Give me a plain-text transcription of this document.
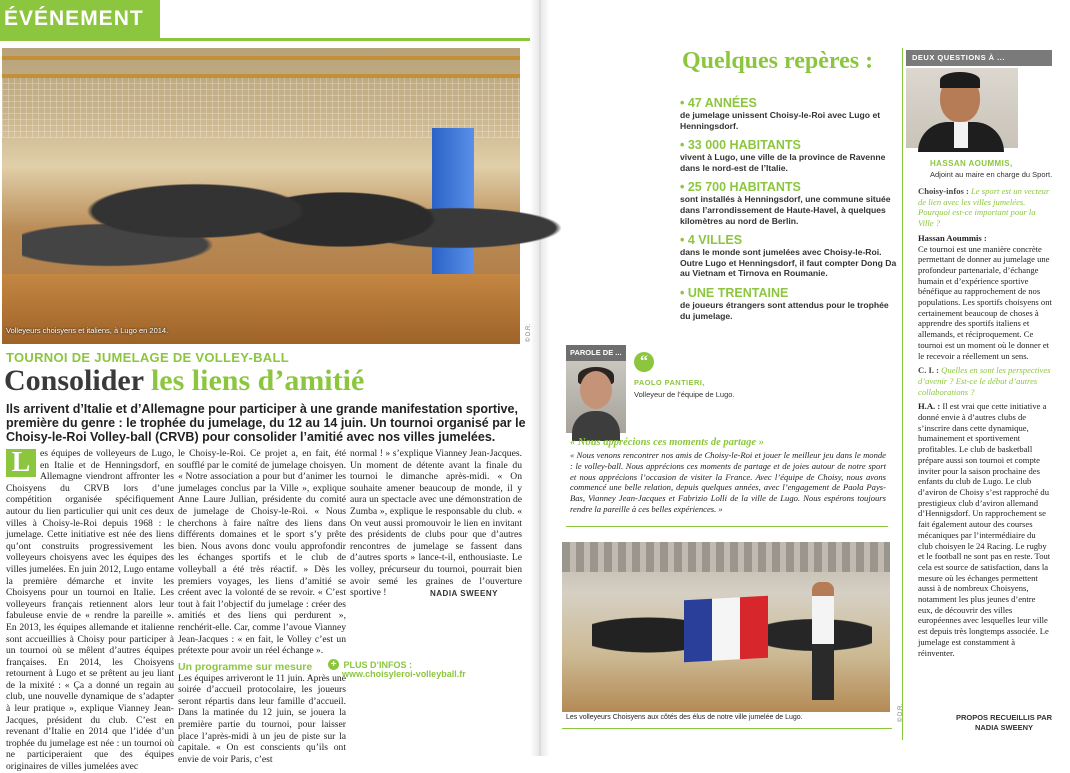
ÉVÉNEMENT
Volleyeurs choisyens et italiens, à Lugo en 2014.	© D.R.
TOURNOI DE JUMELAGE DE VOLLEY-BALL
Consolider les liens d’amitié
Ils arrivent d’Italie et d’Allemagne pour participer à une grande manifestation sportive, première du genre : le trophée du jumelage, du 12 au 14 juin. Un tournoi organisé par le Choisy-le-Roi Volley-ball (CRVB) pour consolider l’amitié avec nos villes jumelées.
L	es équipes de volleyeurs de Lugo, en Italie et de Henningsdorf, en Allemagne viendront affronter les Choisyens du CRVB lors d’une compétition organisée spécifiquement autour du lien particulier qui unit ces deux villes à Choisy-le-Roi depuis 1968 : le jumelage. Cette initiative est née des liens qu’ont construits progressivement les volleyeurs choisyens avec les équipes des villes jumelées. En juin 2012, Lugo entame la première démarche et invite les Choisyens pour un tournoi en Italie. Les volleyeurs français retiennent alors leur fabuleuse envie de « rendre la pareille ». En 2013, les équipes allemande et italienne sont accueillies à Choisy pour participer à un tournoi où se mêlent d’autres équipes françaises. En 2014, les Choisyens retournent à Lugo et se prêtent au jeu liant de la mixité : « Ça a donné un regain au club, une nouvelle dynamique de s’adapter à leur pratique », explique Vianney Jean-Jacques, président du club. C’est en revenant d’Italie en 2014 que l’idée d’un trophée du jumelage est née : un tournoi où ne participeraient que des équipes originaires de villes jumelées avec
le Choisy-le-Roi. Ce projet a, en fait, été soufflé par le comité de jumelage choisyen. « Notre association a pour but d’animer les jumelages conclus par la Ville », explique Anne Laure Jullian, présidente du comité de jumelage de Choisy-le-Roi. « Nous cherchons à faire naître des liens dans différents domaines et le sport s’y prête bien. Nous avons donc voulu approfondir les échanges sportifs et le club de volleyball a été très réactif. » Dès les premiers voyages, les liens d’amitié se créent avec la volonté de se revoir. « C’est tout à fait l’objectif du jumelage : créer des amitiés et des liens qui perdurent », renchérit-elle. Car, comme l’avoue Vianney Jean-Jacques : « en fait, le Volley c’est un prétexte pour avoir un réel échange ».
Un programme sur mesure
Les équipes arriveront le 11 juin. Après une soirée d’accueil protocolaire, les joueurs seront répartis dans leur famille d’accueil. Dans la matinée du 12 juin, se jouera la première partie du tournoi, pour laisser place l’après-midi à un jeu de piste sur la capitale. « On est conscients qu’ils ont envie de voir Paris, c’est
normal ! » s’explique Vianney Jean-Jacques. Un moment de détente avant la finale du tournoi le dimanche après-midi. « On souhaite amener beaucoup de monde, il y aura un spectacle avec une démonstration de Zumba », explique le responsable du club. « On veut aussi promouvoir le lien en invitant des présidents de clubs pour que d’autres rencontres de jumelage se fassent dans d’autres sports » lance-t-il, enthousiaste. Le volley, précurseur du tournoi, pourrait bien avoir semé les graines de l’ouverture sportive !	NADIA SWEENY
+ PLUS D’INFOS :
www.choisyleroi-volleyball.fr
Quelques repères :
• 47 ANNÉES
de jumelage unissent Choisy-le-Roi avec Lugo et Henningsdorf.
• 33 000 HABITANTS
vivent à Lugo, une ville de la province de Ravenne dans le nord-est de l’Italie.
• 25 700 HABITANTS
sont installés à Henningsdorf, une commune située dans l’arrondissement de Haute-Havel, à quelques kilomètres au nord de Berlin.
• 4 VILLES
dans le monde sont jumelées avec Choisy-le-Roi. Outre Lugo et Henningsdorf, il faut compter Dong Da au Vietnam et Tirnova en Roumanie.
• UNE TRENTAINE
de joueurs étrangers sont attendus pour le trophée du jumelage.
DEUX QUESTIONS À ...
HASSAN AOUMMIS,
Adjoint au maire en charge du Sport.

Choisy-infos : Le sport est un vecteur de lien avec les villes jumelées. Pourquoi est-ce important pour la Ville ?

Hassan Aoummis :
Ce tournoi est une manière concrète permettant de donner au jumelage une profondeur partenariale, d’échange humain et d’expérience sportive bénéfique au rapprochement de nos populations. Les sportifs choisyens ont certainement beaucoup de choses à apprendre des sportifs italiens et allemands, et réciproquement. Ce tournoi est un moment où le donner et le recevoir a réellement un sens.

C. I. : Quelles en sont les perspectives d’avenir ? Est-ce le début d’autres collaborations ?

H.A. : Il est vrai que cette initiative a donné envie à d’autres clubs de s’inscrire dans cette dynamique, humainement et sportivement profitables. Le club de basketball prépare aussi son tournoi et compte inviter pour la saison prochaine des enfants du club de Lugo. Le club d’aviron de Choisy s’est rapproché du prestigieux club d’aviron allemand d’Hennigsdorf. Un rapprochement se fait également autour des courses mécaniques par l’intermédiaire du club choisyen le 24 Racing. Le rugby et le football ne sont pas en reste. Tout cela est source de satisfaction, dans la mesure où les échanges permettent aussi à de nombreux Choisyens, notamment les plus jeunes d’entre eux, de découvrir des villes européennes avec lesquelles leur ville est depuis très longtemps associée. Le jumelage est constamment à réinventer.

PROPOS RECUEILLIS PAR NADIA SWEENY
PAROLE DE ...
“
PAOLO PANTIERI,
Volleyeur de l’équipe de Lugo.
« Nous apprécions ces moments de partage »
« Nous venons rencontrer nos amis de Choisy-le-Roi et jouer le meilleur jeu dans le monde : le volley-ball. Nous apprécions ces moments de partage et de joies autour de notre sport et nous apprécions l’occasion de visiter la France. Avec l’équipe de Choisy, nous avons commencé une belle relation, depuis quelques années, avec l’engagement de Paola Pays-Bas, Vianney Jean-Jacques et Fabrizio Lolli de la ville de Lugo. Nous espérons toujours rendre la pareille à ces belles expériences. »
Les volleyeurs Choisyens aux côtés des élus de notre ville jumelée de Lugo.	© D.R.
